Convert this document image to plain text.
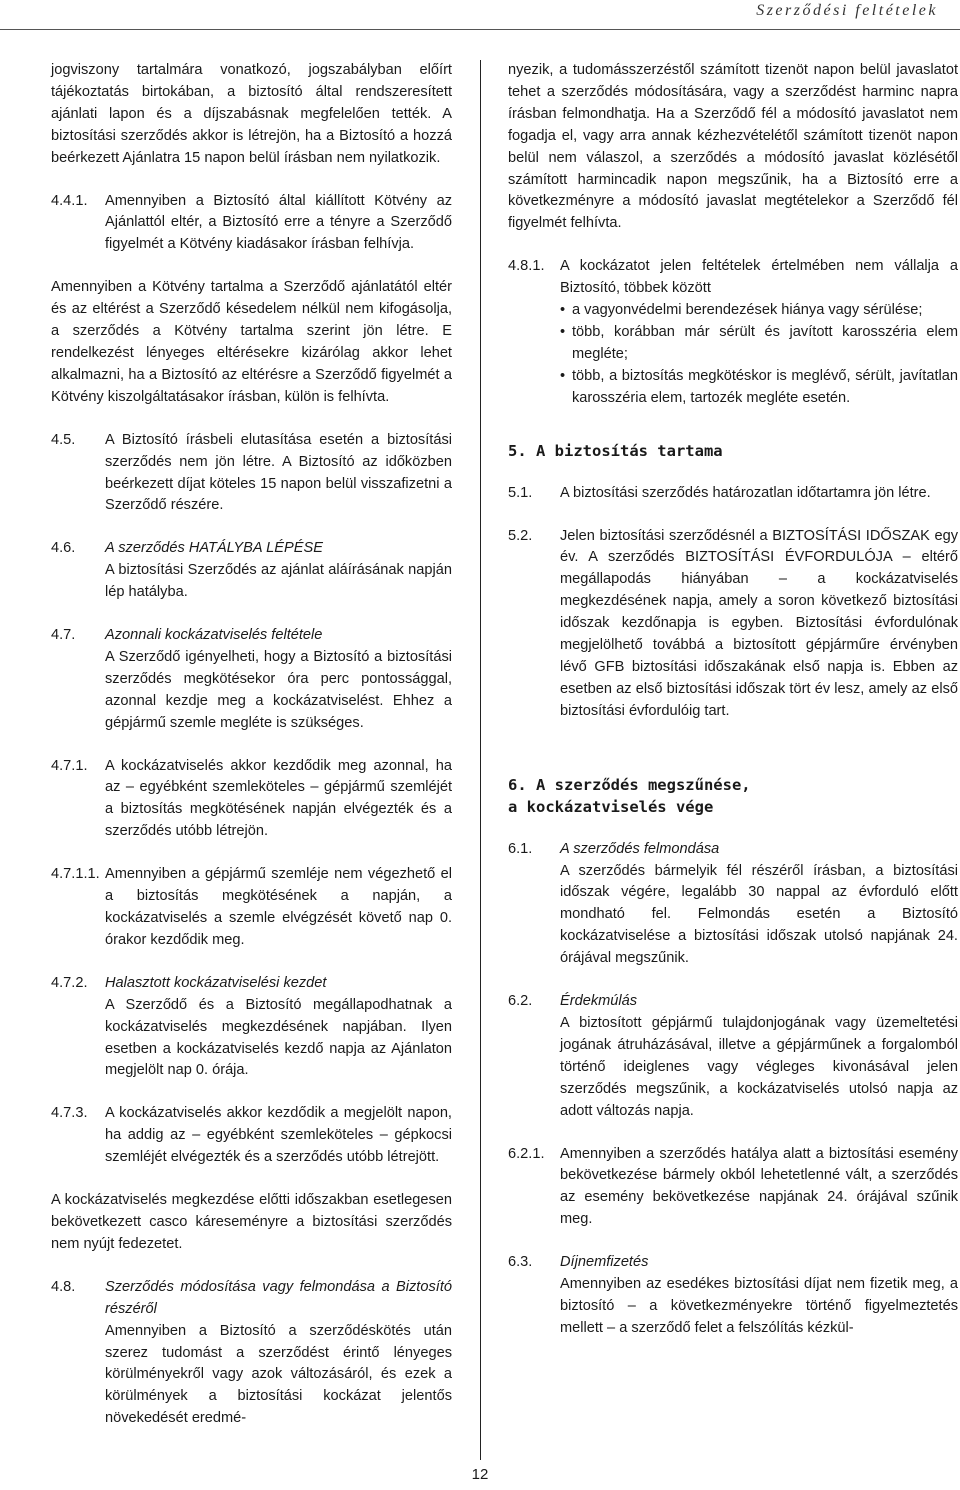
Szerződési feltételek

jogviszony tartalmára vonatkozó, jogszabályban előírt tájékoztatás birtokában, a biztosító által rendszeresített ajánlati lapon és a díjszabásnak megfelelően tették. A biztosítási szerződés akkor is létrejön, ha a Biztosító a hozzá beérkezett Ajánlatra 15 napon belül írásban nem nyilatkozik.

4.4.1.	Amennyiben a Biztosító által kiállított Kötvény az Ajánlattól eltér, a Biztosító erre a tényre a Szerződő figyelmét a Kötvény kiadásakor írásban felhívja.

Amennyiben a Kötvény tartalma a Szerződő ajánlatától eltér és az eltérést a Szerződő késedelem nélkül nem kifogásolja, a szerződés a Kötvény tartalma szerint jön létre. E rendelkezést lényeges eltérésekre kizárólag akkor lehet alkalmazni, ha a Biztosító az eltérésre a Szerződő figyelmét a Kötvény kiszolgáltatásakor írásban, külön is felhívta.

4.5.	A Biztosító írásbeli elutasítása esetén a biztosítási szerződés nem jön létre. A Biztosító az időközben beérkezett díjat köteles 15 napon belül visszafizetni a Szerződő részére.
4.6.	A szerződés HATÁLYBA LÉPÉSE
A biztosítási Szerződés az ajánlat aláírásának napján lép hatályba.
4.7.	Azonnali kockázatviselés feltétele
A Szerződő igényelheti, hogy a Biztosító a biztosítási szerződés megkötésekor óra perc pontossággal, azonnal kezdje meg a kockázatviselést. Ehhez a gépjármű szemle megléte is szükséges.
4.7.1.	A kockázatviselés akkor kezdődik meg azonnal, ha az – egyébként szemleköteles – gépjármű szemléjét a biztosítás megkötésének napján elvégezték és a szerződés utóbb létrejön.
4.7.1.1. Amennyiben a gépjármű szemléje nem végezhető el a biztosítás megkötésének a napján, a kockázatviselés a szemle elvégzését követő nap 0. órakor kezdődik meg.
4.7.2.	Halasztott kockázatviselési kezdet
A Szerződő és a Biztosító megállapodhatnak a kockázatviselés megkezdésének napjában. Ilyen esetben a kockázatviselés kezdő napja az Ajánlaton megjelölt nap 0. órája.
4.7.3.	A kockázatviselés akkor kezdődik a megjelölt napon, ha addig az – egyébként szemleköteles – gépkocsi szemléjét elvégezték és a szerződés utóbb létrejött.

A kockázatviselés megkezdése előtti időszakban esetlegesen bekövetkezett casco káreseményre a biztosítási szerződés nem nyújt fedezetet.

4.8.	Szerződés módosítása vagy felmondása a Biztosító részéről
Amennyiben a Biztosító a szerződéskötés után szerez tudomást a szerződést érintő lényeges körülményekről vagy azok változásáról, és ezek a körülmények a biztosítási kockázat jelentős növekedését eredmé-

nyezik, a tudomásszerzéstől számított tizenöt napon belül javaslatot tehet a szerződés módosítására, vagy a szerződést harminc napra írásban felmondhatja. Ha a Szerződő fél a módosító javaslatot nem fogadja el, vagy arra annak kézhezvételétől számított tizenöt napon belül nem válaszol, a szerződés a módosító javaslat közlésétől számított harmincadik napon megszűnik, ha a Biztosító erre a következményre a módosító javaslat megtételekor a Szerződő fél figyelmét felhívta.

4.8.1.	A kockázatot jelen feltételek értelmében nem vállalja a Biztosító, többek között
• a vagyonvédelmi berendezések hiánya vagy sérülése;
• több, korábban már sérült és javított karosszéria elem megléte;
• több, a biztosítás megkötéskor is meglévő, sérült, javítatlan karosszéria elem, tartozék megléte esetén.

5. A biztosítás tartama

5.1.	A biztosítási szerződés határozatlan időtartamra jön létre.
5.2.	Jelen biztosítási szerződésnél a BIZTOSÍTÁSI IDŐSZAK egy év. A szerződés BIZTOSÍTÁSI ÉVFORDULÓJA – eltérő megállapodás hiányában – a kockázatviselés megkezdésének napja, amely a soron következő biztosítási időszak kezdőnapja is egyben. Biztosítási évfordulónak megjelölhető továbbá a biztosított gépjárműre érvényben lévő GFB biztosítási időszakának első napja is. Ebben az esetben az első biztosítási időszak tört év lesz, amely az első biztosítási évfordulóig tart.

6. A szerződés megszűnése,
a kockázatviselés vége

6.1.	A szerződés felmondása
A szerződés bármelyik fél részéről írásban, a biztosítási időszak végére, legalább 30 nappal az évforduló előtt mondható fel. Felmondás esetén a Biztosító kockázatviselése a biztosítási időszak utolsó napjának 24. órájával megszűnik.
6.2.	Érdekmúlás
A biztosított gépjármű tulajdonjogának vagy üzemeltetési jogának átruházásával, illetve a gépjárműnek a forgalomból történő ideiglenes vagy végleges kivonásával jelen szerződés megszűnik, a kockázatviselés utolsó napja az adott változás napja.
6.2.1.	Amennyiben a szerződés hatálya alatt a biztosítási esemény bekövetkezése bármely okból lehetetlenné vált, a szerződés az esemény bekövetkezése napjának 24. órájával szűnik meg.
6.3.	Díjnemfizetés
Amennyiben az esedékes biztosítási díjat nem fizetik meg, a biztosító – a következményekre történő figyelmeztetés mellett – a szerződő felet a felszólítás kézkül-
12
